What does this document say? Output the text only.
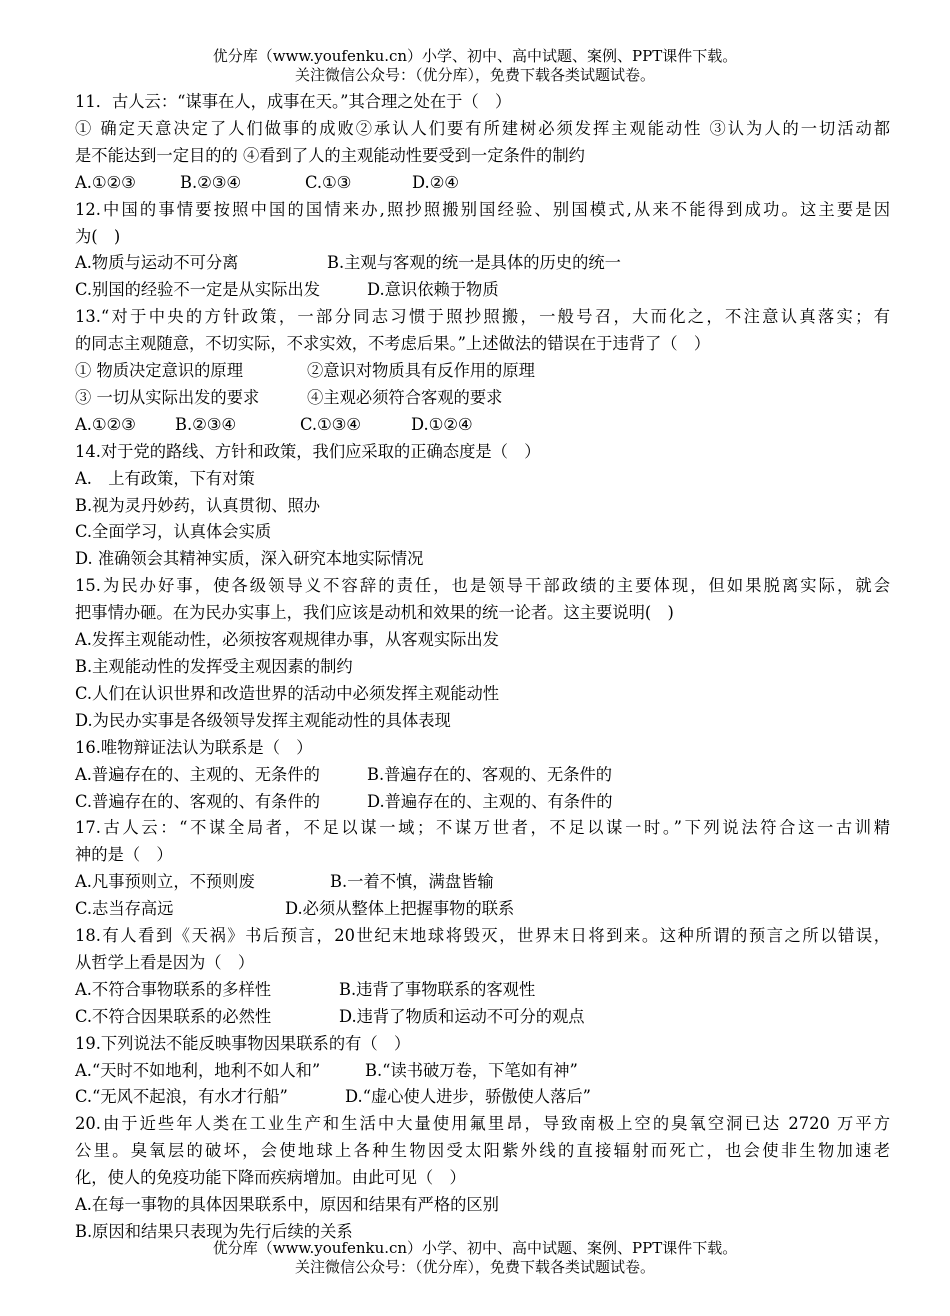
优分库（www.youfenku.cn）小学、初中、高中试题、案例、PPT课件下载。
关注微信公众号：（优分库），免费下载各类试题试卷。
11．古人云：“谋事在人，成事在天。”其合理之处在于（　）
① 确定天意决定了人们做事的成败②承认人们要有所建树必须发挥主观能动性 ③认为人的一切活动都
是不能达到一定目的的 ④看到了人的主观能动性要受到一定条件的制约
A.①②③	B.②③④	C.①③	D.②④
12.中国的事情要按照中国的国情来办,照抄照搬别国经验、别国模式,从来不能得到成功。这主要是因
为(　)
A.物质与运动不可分离	B.主观与客观的统一是具体的历史的统一
C.别国的经验不一定是从实际出发	D.意识依赖于物质
13.“对于中央的方针政策，一部分同志习惯于照抄照搬，一般号召，大而化之，不注意认真落实；有
的同志主观随意，不切实际，不求实效，不考虑后果。”上述做法的错误在于违背了（　）
① 物质决定意识的原理	②意识对物质具有反作用的原理
③ 一切从实际出发的要求	④主观必须符合客观的要求
A.①②③	B.②③④	C.①③④	D.①②④
14.对于党的路线、方针和政策，我们应采取的正确态度是（　）
A.　上有政策，下有对策
B.视为灵丹妙药，认真贯彻、照办
C.全面学习，认真体会实质
D. 准确领会其精神实质，深入研究本地实际情况
15.为民办好事，使各级领导义不容辞的责任，也是领导干部政绩的主要体现，但如果脱离实际，就会
把事情办砸。在为民办实事上，我们应该是动机和效果的统一论者。这主要说明(　)
A.发挥主观能动性，必须按客观规律办事，从客观实际出发
B.主观能动性的发挥受主观因素的制约
C.人们在认识世界和改造世界的活动中必须发挥主观能动性
D.为民办实事是各级领导发挥主观能动性的具体表现
16.唯物辩证法认为联系是（　）
A.普遍存在的、主观的、无条件的	B.普遍存在的、客观的、无条件的
C.普遍存在的、客观的、有条件的	D.普遍存在的、主观的、有条件的
17.古人云：“不谋全局者，不足以谋一域；不谋万世者，不足以谋一时。”下列说法符合这一古训精
神的是（　）
A.凡事预则立，不预则废	B.一着不慎，满盘皆输
C.志当存高远	D.必须从整体上把握事物的联系
18.有人看到《天祸》书后预言，20世纪末地球将毁灭，世界末日将到来。这种所谓的预言之所以错误，
从哲学上看是因为（　）
A.不符合事物联系的多样性	B.违背了事物联系的客观性
C.不符合因果联系的必然性	D.违背了物质和运动不可分的观点
19.下列说法不能反映事物因果联系的有（　）
A.“天时不如地利，地利不如人和”	B.“读书破万卷，下笔如有神”
C.“无风不起浪，有水才行船”	D.“虚心使人进步，骄傲使人落后”
20.由于近些年人类在工业生产和生活中大量使用氟里昂，导致南极上空的臭氧空洞已达 2720 万平方
公里。臭氧层的破坏，会使地球上各种生物因受太阳紫外线的直接辐射而死亡，也会使非生物加速老
化，使人的免疫功能下降而疾病增加。由此可见（　）
A.在每一事物的具体因果联系中，原因和结果有严格的区别
B.原因和结果只表现为先行后续的关系
优分库（www.youfenku.cn）小学、初中、高中试题、案例、PPT课件下载。
关注微信公众号：（优分库），免费下载各类试题试卷。
